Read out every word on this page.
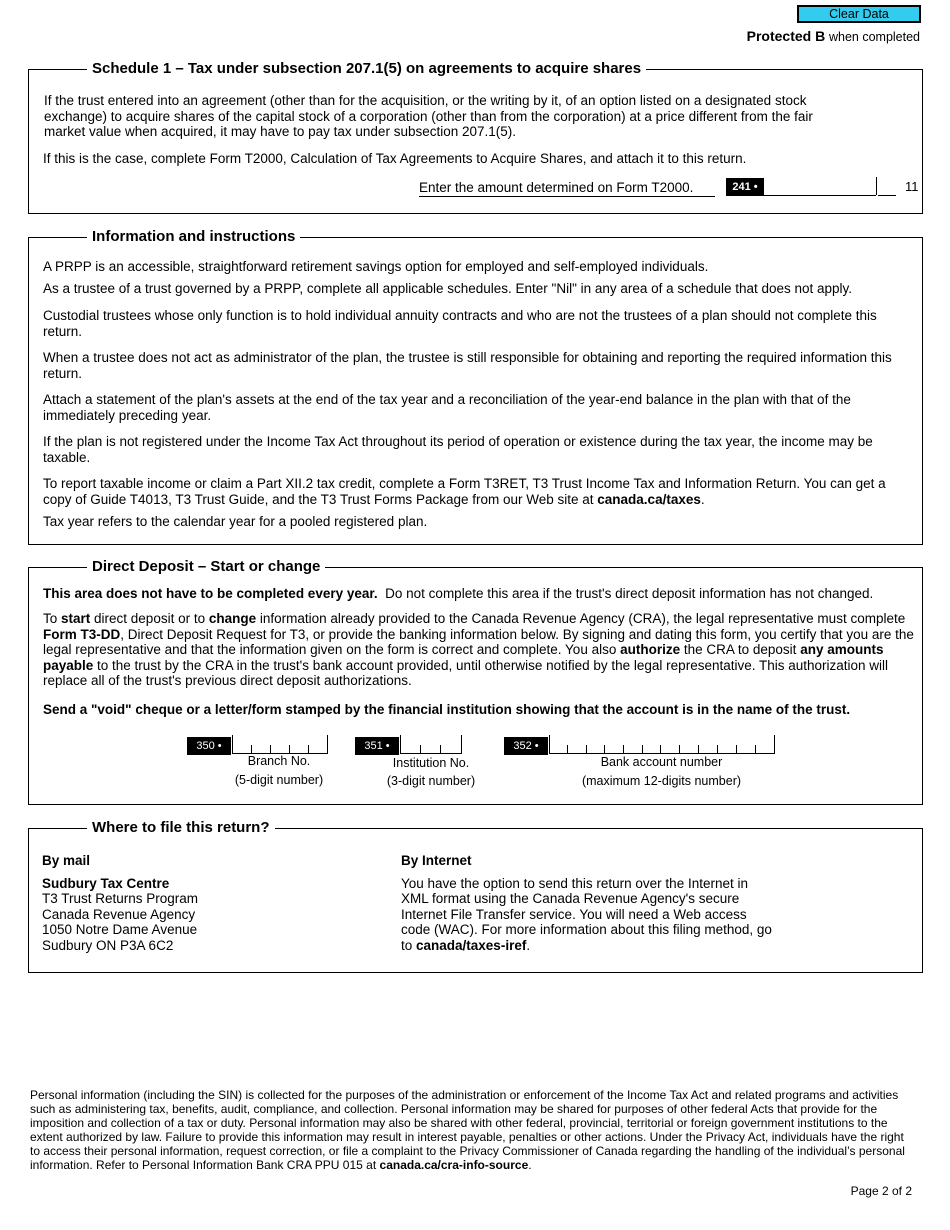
Clear Data
Protected B when completed
Schedule 1 – Tax under subsection 207.1(5) on agreements to acquire shares
If the trust entered into an agreement (other than for the acquisition, or the writing by it, of an option listed on a designated stock exchange) to acquire shares of the capital stock of a corporation (other than from the corporation) at a price different from the fair market value when acquired, it may have to pay tax under subsection 207.1(5).
If this is the case, complete Form T2000, Calculation of Tax Agreements to Acquire Shares, and attach it to this return.
Enter the amount determined on Form T2000.	241 •	11
Information and instructions
A PRPP is an accessible, straightforward retirement savings option for employed and self-employed individuals.
As a trustee of a trust governed by a PRPP, complete all applicable schedules. Enter "Nil" in any area of a schedule that does not apply.
Custodial trustees whose only function is to hold individual annuity contracts and who are not the trustees of a plan should not complete this return.
When a trustee does not act as administrator of the plan, the trustee is still responsible for obtaining and reporting the required information this return.
Attach a statement of the plan's assets at the end of the tax year and a reconciliation of the year-end balance in the plan with that of the immediately preceding year.
If the plan is not registered under the Income Tax Act throughout its period of operation or existence during the tax year, the income may be taxable.
To report taxable income or claim a Part XII.2 tax credit, complete a Form T3RET, T3 Trust Income Tax and Information Return. You can get a copy of Guide T4013, T3 Trust Guide, and the T3 Trust Forms Package from our Web site at canada.ca/taxes.
Tax year refers to the calendar year for a pooled registered plan.
Direct Deposit – Start or change
This area does not have to be completed every year. Do not complete this area if the trust's direct deposit information has not changed.
To start direct deposit or to change information already provided to the Canada Revenue Agency (CRA), the legal representative must complete Form T3-DD, Direct Deposit Request for T3, or provide the banking information below. By signing and dating this form, you certify that you are the legal representative and that the information given on the form is correct and complete. You also authorize the CRA to deposit any amounts payable to the trust by the CRA in the trust's bank account provided, until otherwise notified by the legal representative. This authorization will replace all of the trust's previous direct deposit authorizations.
Send a "void" cheque or a letter/form stamped by the financial institution showing that the account is in the name of the trust.
350 •
Branch No.
(5-digit number)
351 •
Institution No.
(3-digit number)
352 •
Bank account number
(maximum 12-digits number)
Where to file this return?
By mail
Sudbury Tax Centre
T3 Trust Returns Program
Canada Revenue Agency
1050 Notre Dame Avenue
Sudbury ON P3A 6C2
By Internet
You have the option to send this return over the Internet in XML format using the Canada Revenue Agency's secure Internet File Transfer service. You will need a Web access code (WAC). For more information about this filing method, go to canada/taxes-iref.
Personal information (including the SIN) is collected for the purposes of the administration or enforcement of the Income Tax Act and related programs and activities such as administering tax, benefits, audit, compliance, and collection. Personal information may be shared for purposes of other federal Acts that provide for the imposition and collection of a tax or duty. Personal information may also be shared with other federal, provincial, territorial or foreign government institutions to the extent authorized by law. Failure to provide this information may result in interest payable, penalties or other actions. Under the Privacy Act, individuals have the right to access their personal information, request correction, or file a complaint to the Privacy Commissioner of Canada regarding the handling of the individual’s personal information. Refer to Personal Information Bank CRA PPU 015 at canada.ca/cra-info-source.
Page 2 of 2
